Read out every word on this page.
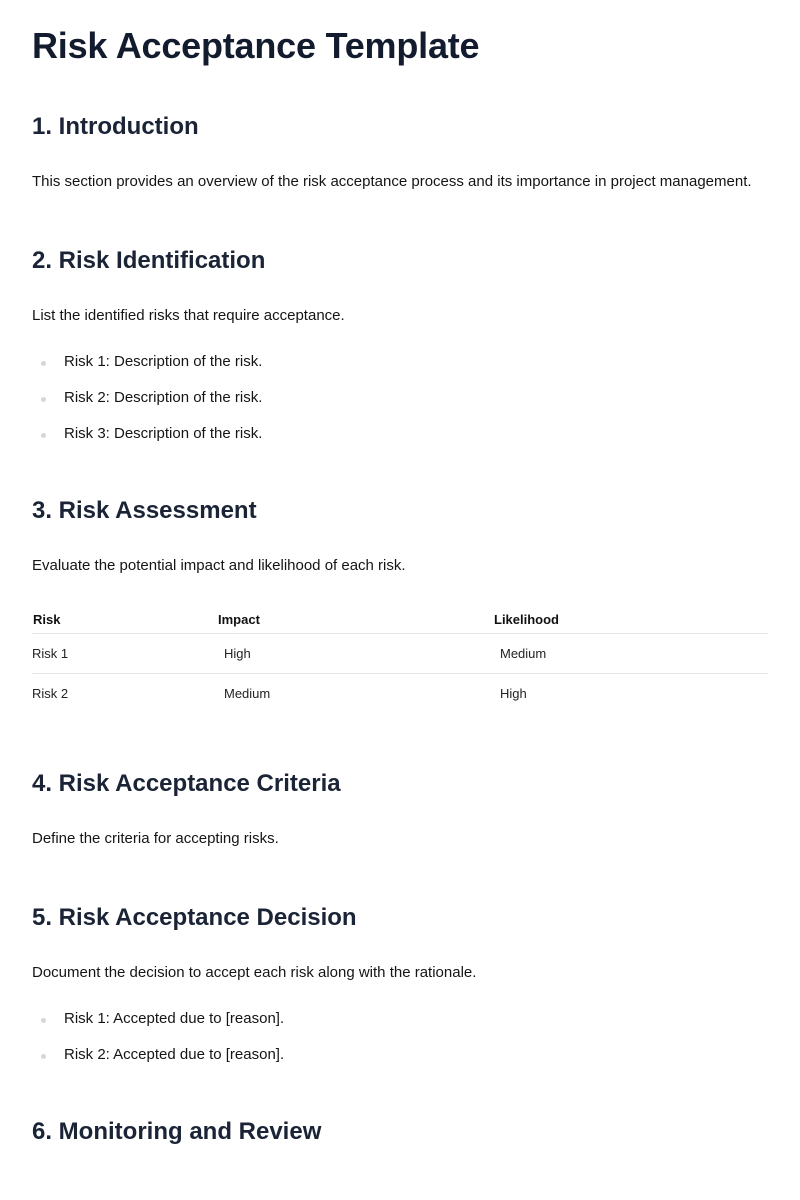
Risk Acceptance Template
1. Introduction

This section provides an overview of the risk acceptance process and its importance in project management.

2. Risk Identification

List the identified risks that require acceptance.

Risk 1: Description of the risk.
Risk 2: Description of the risk.
Risk 3: Description of the risk.
3. Risk Assessment

Evaluate the potential impact and likelihood of each risk.

Risk	Impact	Likelihood
Risk 1	High	Medium
Risk 2	Medium	High
4. Risk Acceptance Criteria

Define the criteria for accepting risks.

5. Risk Acceptance Decision

Document the decision to accept each risk along with the rationale.

Risk 1: Accepted due to [reason].
Risk 2: Accepted due to [reason].
6. Monitoring and Review
